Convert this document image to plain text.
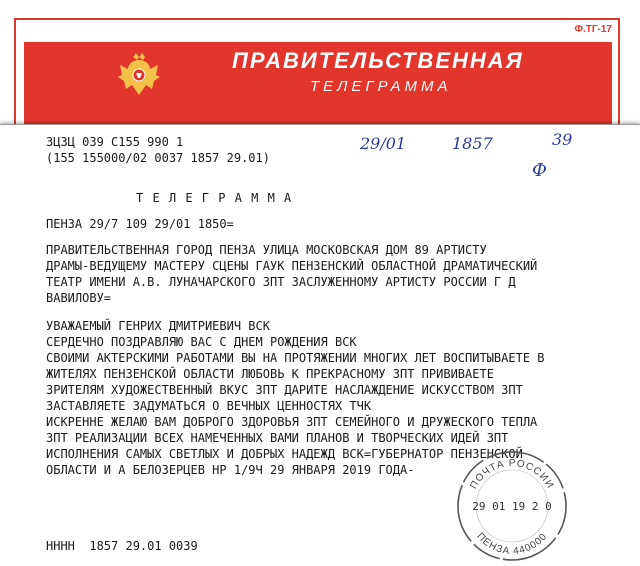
Ф.ТГ-17
ПРАВИТЕЛЬСТВЕННАЯ
ТЕЛЕГРАММА
ЗЦЗЦ 039 С155 990 1
(155 155000/02 0037 1857 29.01)
29/01	1857	39
Ф
Т Е Л Е Г Р А М М А
ПЕНЗА 29/7 109 29/01 1850=
ПРАВИТЕЛЬСТВЕННАЯ ГОРОД ПЕНЗА УЛИЦА МОСКОВСКАЯ ДОМ 89 АРТИСТУ
ДРАМЫ-ВЕДУЩЕМУ МАСТЕРУ СЦЕНЫ ГАУК ПЕНЗЕНСКИЙ ОБЛАСТНОЙ ДРАМАТИЧЕСКИЙ
ТЕАТР ИМЕНИ А.В. ЛУНАЧАРСКОГО ЗПТ ЗАСЛУЖЕННОМУ АРТИСТУ РОССИИ Г Д
ВАВИЛОВУ=
УВАЖАЕМЫЙ ГЕНРИХ ДМИТРИЕВИЧ ВСК
СЕРДЕЧНО ПОЗДРАВЛЯЮ ВАС С ДНЕМ РОЖДЕНИЯ ВСК
СВОИМИ АКТЕРСКИМИ РАБОТАМИ ВЫ НА ПРОТЯЖЕНИИ МНОГИХ ЛЕТ ВОСПИТЫВАЕТЕ В
ЖИТЕЛЯХ ПЕНЗЕНСКОЙ ОБЛАСТИ ЛЮБОВЬ К ПРЕКРАСНОМУ ЗПТ ПРИВИВАЕТЕ
ЗРИТЕЛЯМ ХУДОЖЕСТВЕННЫЙ ВКУС ЗПТ ДАРИТЕ НАСЛАЖДЕНИЕ ИСКУССТВОМ ЗПТ
ЗАСТАВЛЯЕТЕ ЗАДУМАТЬСЯ О ВЕЧНЫХ ЦЕННОСТЯХ ТЧК
ИСКРЕННЕ ЖЕЛАЮ ВАМ ДОБРОГО ЗДОРОВЬЯ ЗПТ СЕМЕЙНОГО И ДРУЖЕСКОГО ТЕПЛА
ЗПТ РЕАЛИЗАЦИИ ВСЕХ НАМЕЧЕННЫХ ВАМИ ПЛАНОВ И ТВОРЧЕСКИХ ИДЕЙ ЗПТ
ИСПОЛНЕНИЯ САМЫХ СВЕТЛЫХ И ДОБРЫХ НАДЕЖД ВСК=ГУБЕРНАТОР ПЕНЗЕНСКОЙ
ОБЛАСТИ И А БЕЛОЗЕРЦЕВ НР 1/9Ч 29 ЯНВАРЯ 2019 ГОДА-
НННН  1857 29.01 0039
ПОЧТА РОССИИ
29 01 19 2 0
ПЕНЗА 440000
